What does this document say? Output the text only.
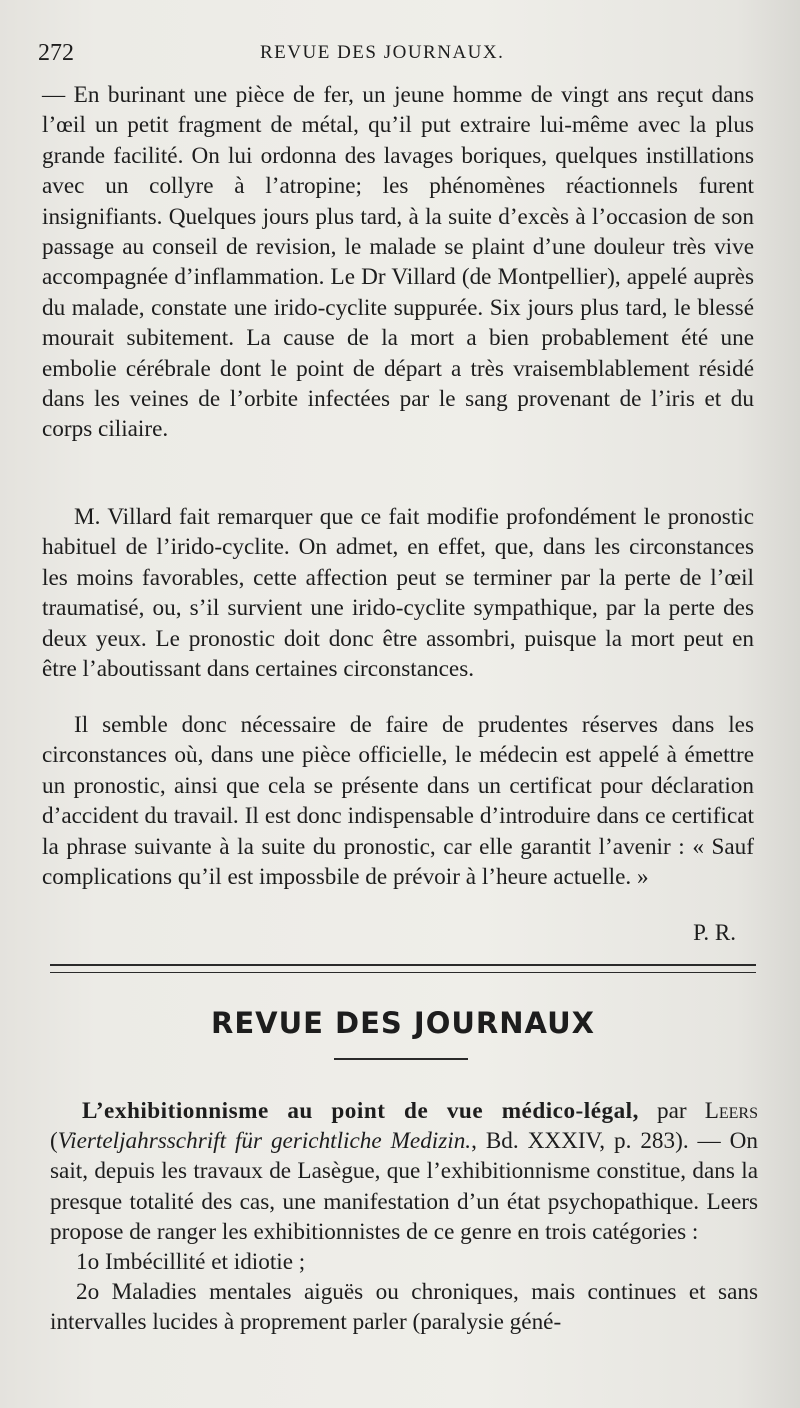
272	REVUE DES JOURNAUX.

— En burinant une pièce de fer, un jeune homme de vingt ans reçut dans l’œil un petit fragment de métal, qu’il put extraire lui-même avec la plus grande facilité. On lui ordonna des lavages boriques, quelques instillations avec un collyre à l’atropine; les phénomènes réactionnels furent insignifiants. Quelques jours plus tard, à la suite d’excès à l’occasion de son passage au conseil de revision, le malade se plaint d’une douleur très vive accompagnée d’inflammation. Le Dr Villard (de Montpellier), appelé auprès du malade, constate une irido-cyclite suppurée. Six jours plus tard, le blessé mourait subitement. La cause de la mort a bien probablement été une embolie cérébrale dont le point de départ a très vraisemblablement résidé dans les veines de l’orbite infectées par le sang provenant de l’iris et du corps ciliaire.

M. Villard fait remarquer que ce fait modifie profondément le pronostic habituel de l’irido-cyclite. On admet, en effet, que, dans les circonstances les moins favorables, cette affection peut se terminer par la perte de l’œil traumatisé, ou, s’il survient une irido-cyclite sympathique, par la perte des deux yeux. Le pronostic doit donc être assombri, puisque la mort peut en être l’aboutissant dans certaines circonstances.

Il semble donc nécessaire de faire de prudentes réserves dans les circonstances où, dans une pièce officielle, le médecin est appelé à émettre un pronostic, ainsi que cela se présente dans un certificat pour déclaration d’accident du travail. Il est donc indispensable d’introduire dans ce certificat la phrase suivante à la suite du pronostic, car elle garantit l’avenir : « Sauf complications qu’il est impossbile de prévoir à l’heure actuelle. »

P. R.
REVUE DES JOURNAUX

L’exhibitionnisme au point de vue médico-légal, par Leers (Vierteljahrsschrift für gerichtliche Medizin., Bd. XXXIV, p. 283). — On sait, depuis les travaux de Lasègue, que l’exhibitionnisme constitue, dans la presque totalité des cas, une manifestation d’un état psychopathique. Leers propose de ranger les exhibitionnistes de ce genre en trois catégories :

1o Imbécillité et idiotie ;

2o Maladies mentales aiguës ou chroniques, mais continues et sans intervalles lucides à proprement parler (paralysie géné-
